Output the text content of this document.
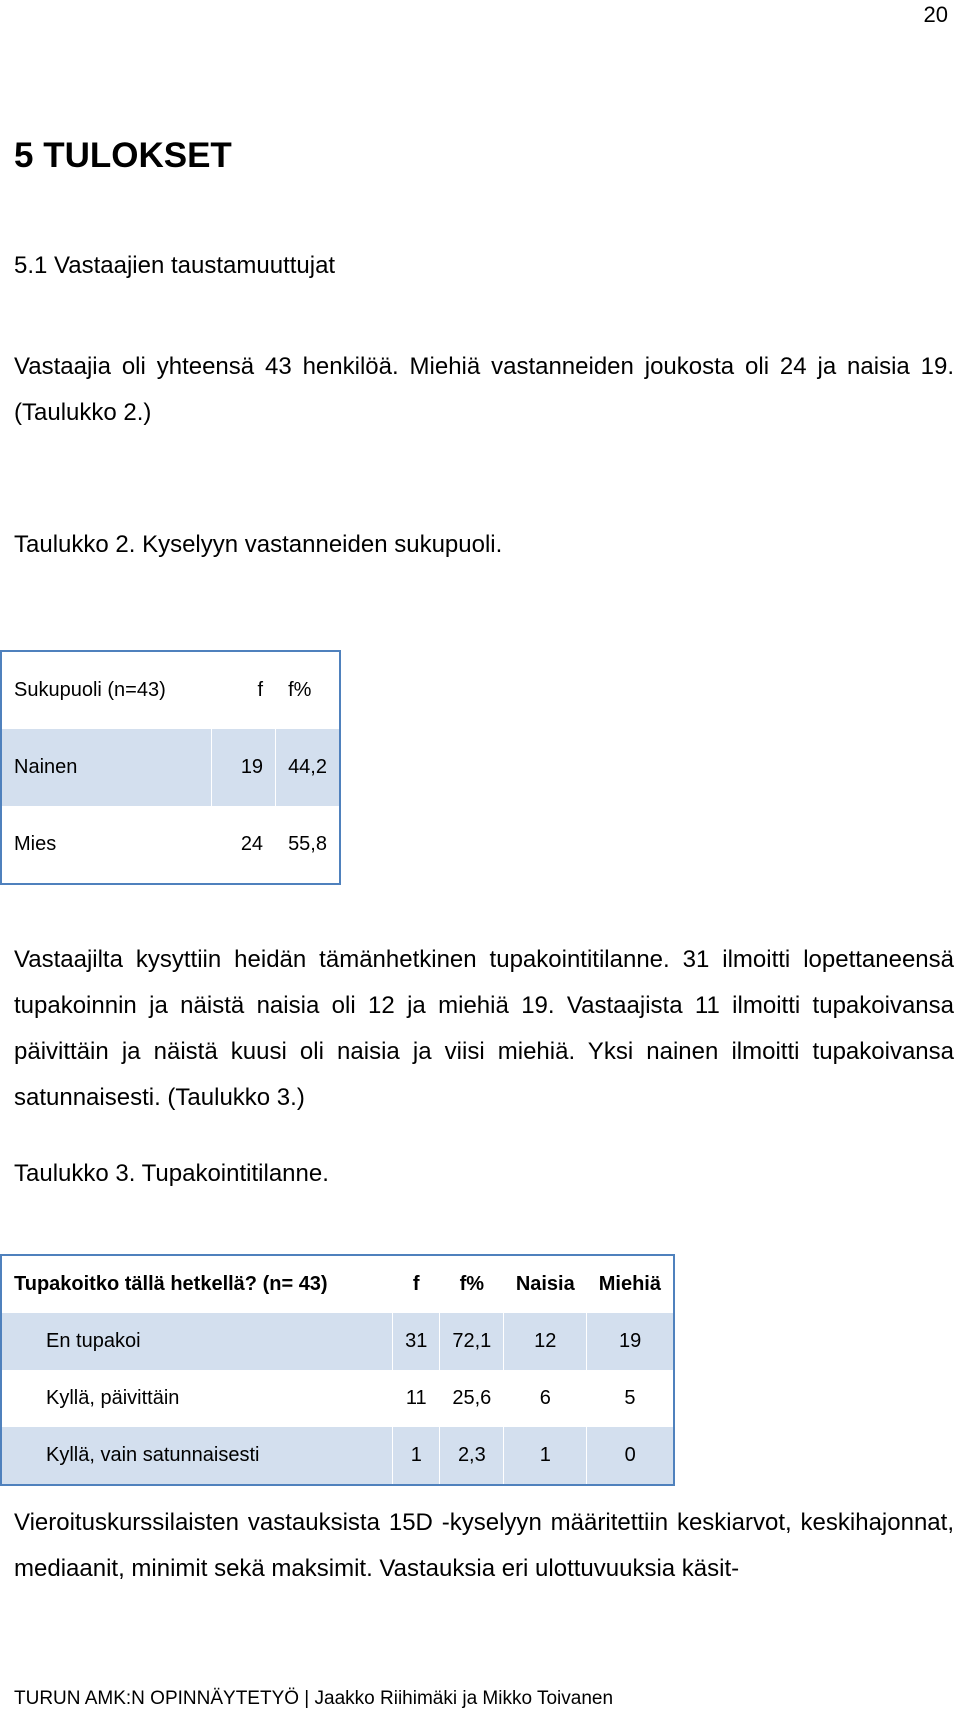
20
5 TULOKSET
5.1 Vastaajien taustamuuttujat
Vastaajia oli yhteensä 43 henkilöä. Miehiä vastanneiden joukosta oli 24 ja naisia 19. (Taulukko 2.)
Taulukko 2. Kyselyyn vastanneiden sukupuoli.
Sukupuoli (n=43)	f	f%
Nainen	19	44,2
Mies	24	55,8
Vastaajilta kysyttiin heidän tämänhetkinen tupakointitilanne. 31 ilmoitti lopettaneensä tupakoinnin ja näistä naisia oli 12 ja miehiä 19. Vastaajista 11 ilmoitti tupakoivansa päivittäin ja näistä kuusi oli naisia ja viisi miehiä. Yksi nainen ilmoitti tupakoivansa satunnaisesti. (Taulukko 3.)
Taulukko 3. Tupakointitilanne.
Tupakoitko tällä hetkellä? (n= 43)	f	f%	Naisia	Miehiä
En tupakoi	31	72,1	12	19
Kyllä, päivittäin	11	25,6	6	5
Kyllä, vain satunnaisesti	1	2,3	1	0
Vieroituskurssilaisten vastauksista 15D -kyselyyn määritettiin keskiarvot, keskihajonnat, mediaanit, minimit sekä maksimit. Vastauksia eri ulottuvuuksia käsit-
TURUN AMK:N OPINNÄYTETYÖ | Jaakko Riihimäki ja Mikko Toivanen
